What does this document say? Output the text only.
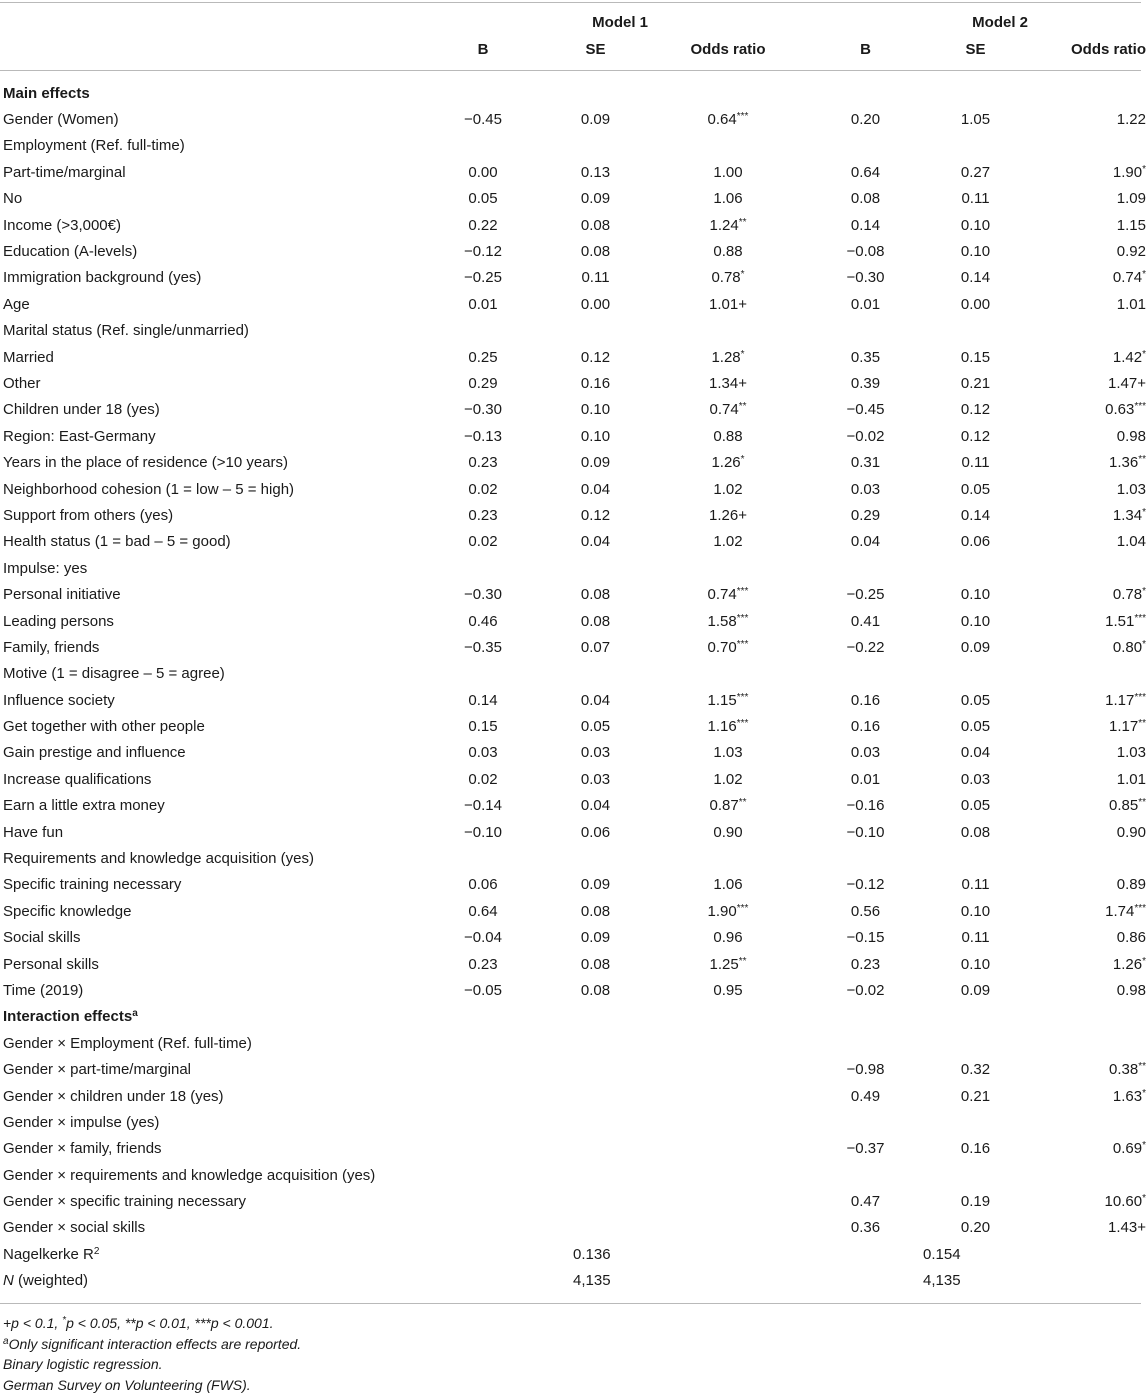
		Model 1			Model 2	
	B	SE	Odds ratio	B	SE	Odds ratio
Main effects						
Gender (Women)	−0.45	0.09	0.64***	0.20	1.05	1.22
Employment (Ref. full-time)						
Part-time/marginal	0.00	0.13	1.00	0.64	0.27	1.90*
No	0.05	0.09	1.06	0.08	0.11	1.09
Income (>3,000€)	0.22	0.08	1.24**	0.14	0.10	1.15
Education (A-levels)	−0.12	0.08	0.88	−0.08	0.10	0.92
Immigration background (yes)	−0.25	0.11	0.78*	−0.30	0.14	0.74*
Age	0.01	0.00	1.01+	0.01	0.00	1.01
Marital status (Ref. single/unmarried)						
Married	0.25	0.12	1.28*	0.35	0.15	1.42*
Other	0.29	0.16	1.34+	0.39	0.21	1.47+
Children under 18 (yes)	−0.30	0.10	0.74**	−0.45	0.12	0.63***
Region: East-Germany	−0.13	0.10	0.88	−0.02	0.12	0.98
Years in the place of residence (>10 years)	0.23	0.09	1.26*	0.31	0.11	1.36**
Neighborhood cohesion (1 = low – 5 = high)	0.02	0.04	1.02	0.03	0.05	1.03
Support from others (yes)	0.23	0.12	1.26+	0.29	0.14	1.34*
Health status (1 = bad – 5 = good)	0.02	0.04	1.02	0.04	0.06	1.04
Impulse: yes						
Personal initiative	−0.30	0.08	0.74***	−0.25	0.10	0.78*
Leading persons	0.46	0.08	1.58***	0.41	0.10	1.51***
Family, friends	−0.35	0.07	0.70***	−0.22	0.09	0.80*
Motive (1 = disagree – 5 = agree)						
Influence society	0.14	0.04	1.15***	0.16	0.05	1.17***
Get together with other people	0.15	0.05	1.16***	0.16	0.05	1.17**
Gain prestige and influence	0.03	0.03	1.03	0.03	0.04	1.03
Increase qualifications	0.02	0.03	1.02	0.01	0.03	1.01
Earn a little extra money	−0.14	0.04	0.87**	−0.16	0.05	0.85**
Have fun	−0.10	0.06	0.90	−0.10	0.08	0.90
Requirements and knowledge acquisition (yes)						
Specific training necessary	0.06	0.09	1.06	−0.12	0.11	0.89
Specific knowledge	0.64	0.08	1.90***	0.56	0.10	1.74***
Social skills	−0.04	0.09	0.96	−0.15	0.11	0.86
Personal skills	0.23	0.08	1.25**	0.23	0.10	1.26*
Time (2019)	−0.05	0.08	0.95	−0.02	0.09	0.98
Interaction effects$^a$						
Gender × Employment (Ref. full-time)						
Gender × part-time/marginal				−0.98	0.32	0.38**
Gender × children under 18 (yes)				0.49	0.21	1.63*
Gender × impulse (yes)						
Gender × family, friends				−0.37	0.16	0.69*
Gender × requirements and knowledge acquisition (yes)						
Gender × specific training necessary				0.47	0.19	10.60*
Gender × social skills				0.36	0.20	1.43+
Nagelkerke $R^2$		0.136			0.154	
N (weighted)		4,135			4,135	
+p < 0.1, *p < 0.05, **p < 0.01, ***p < 0.001.
$^a$Only significant interaction effects are reported.
Binary logistic regression.
German Survey on Volunteering (FWS).
